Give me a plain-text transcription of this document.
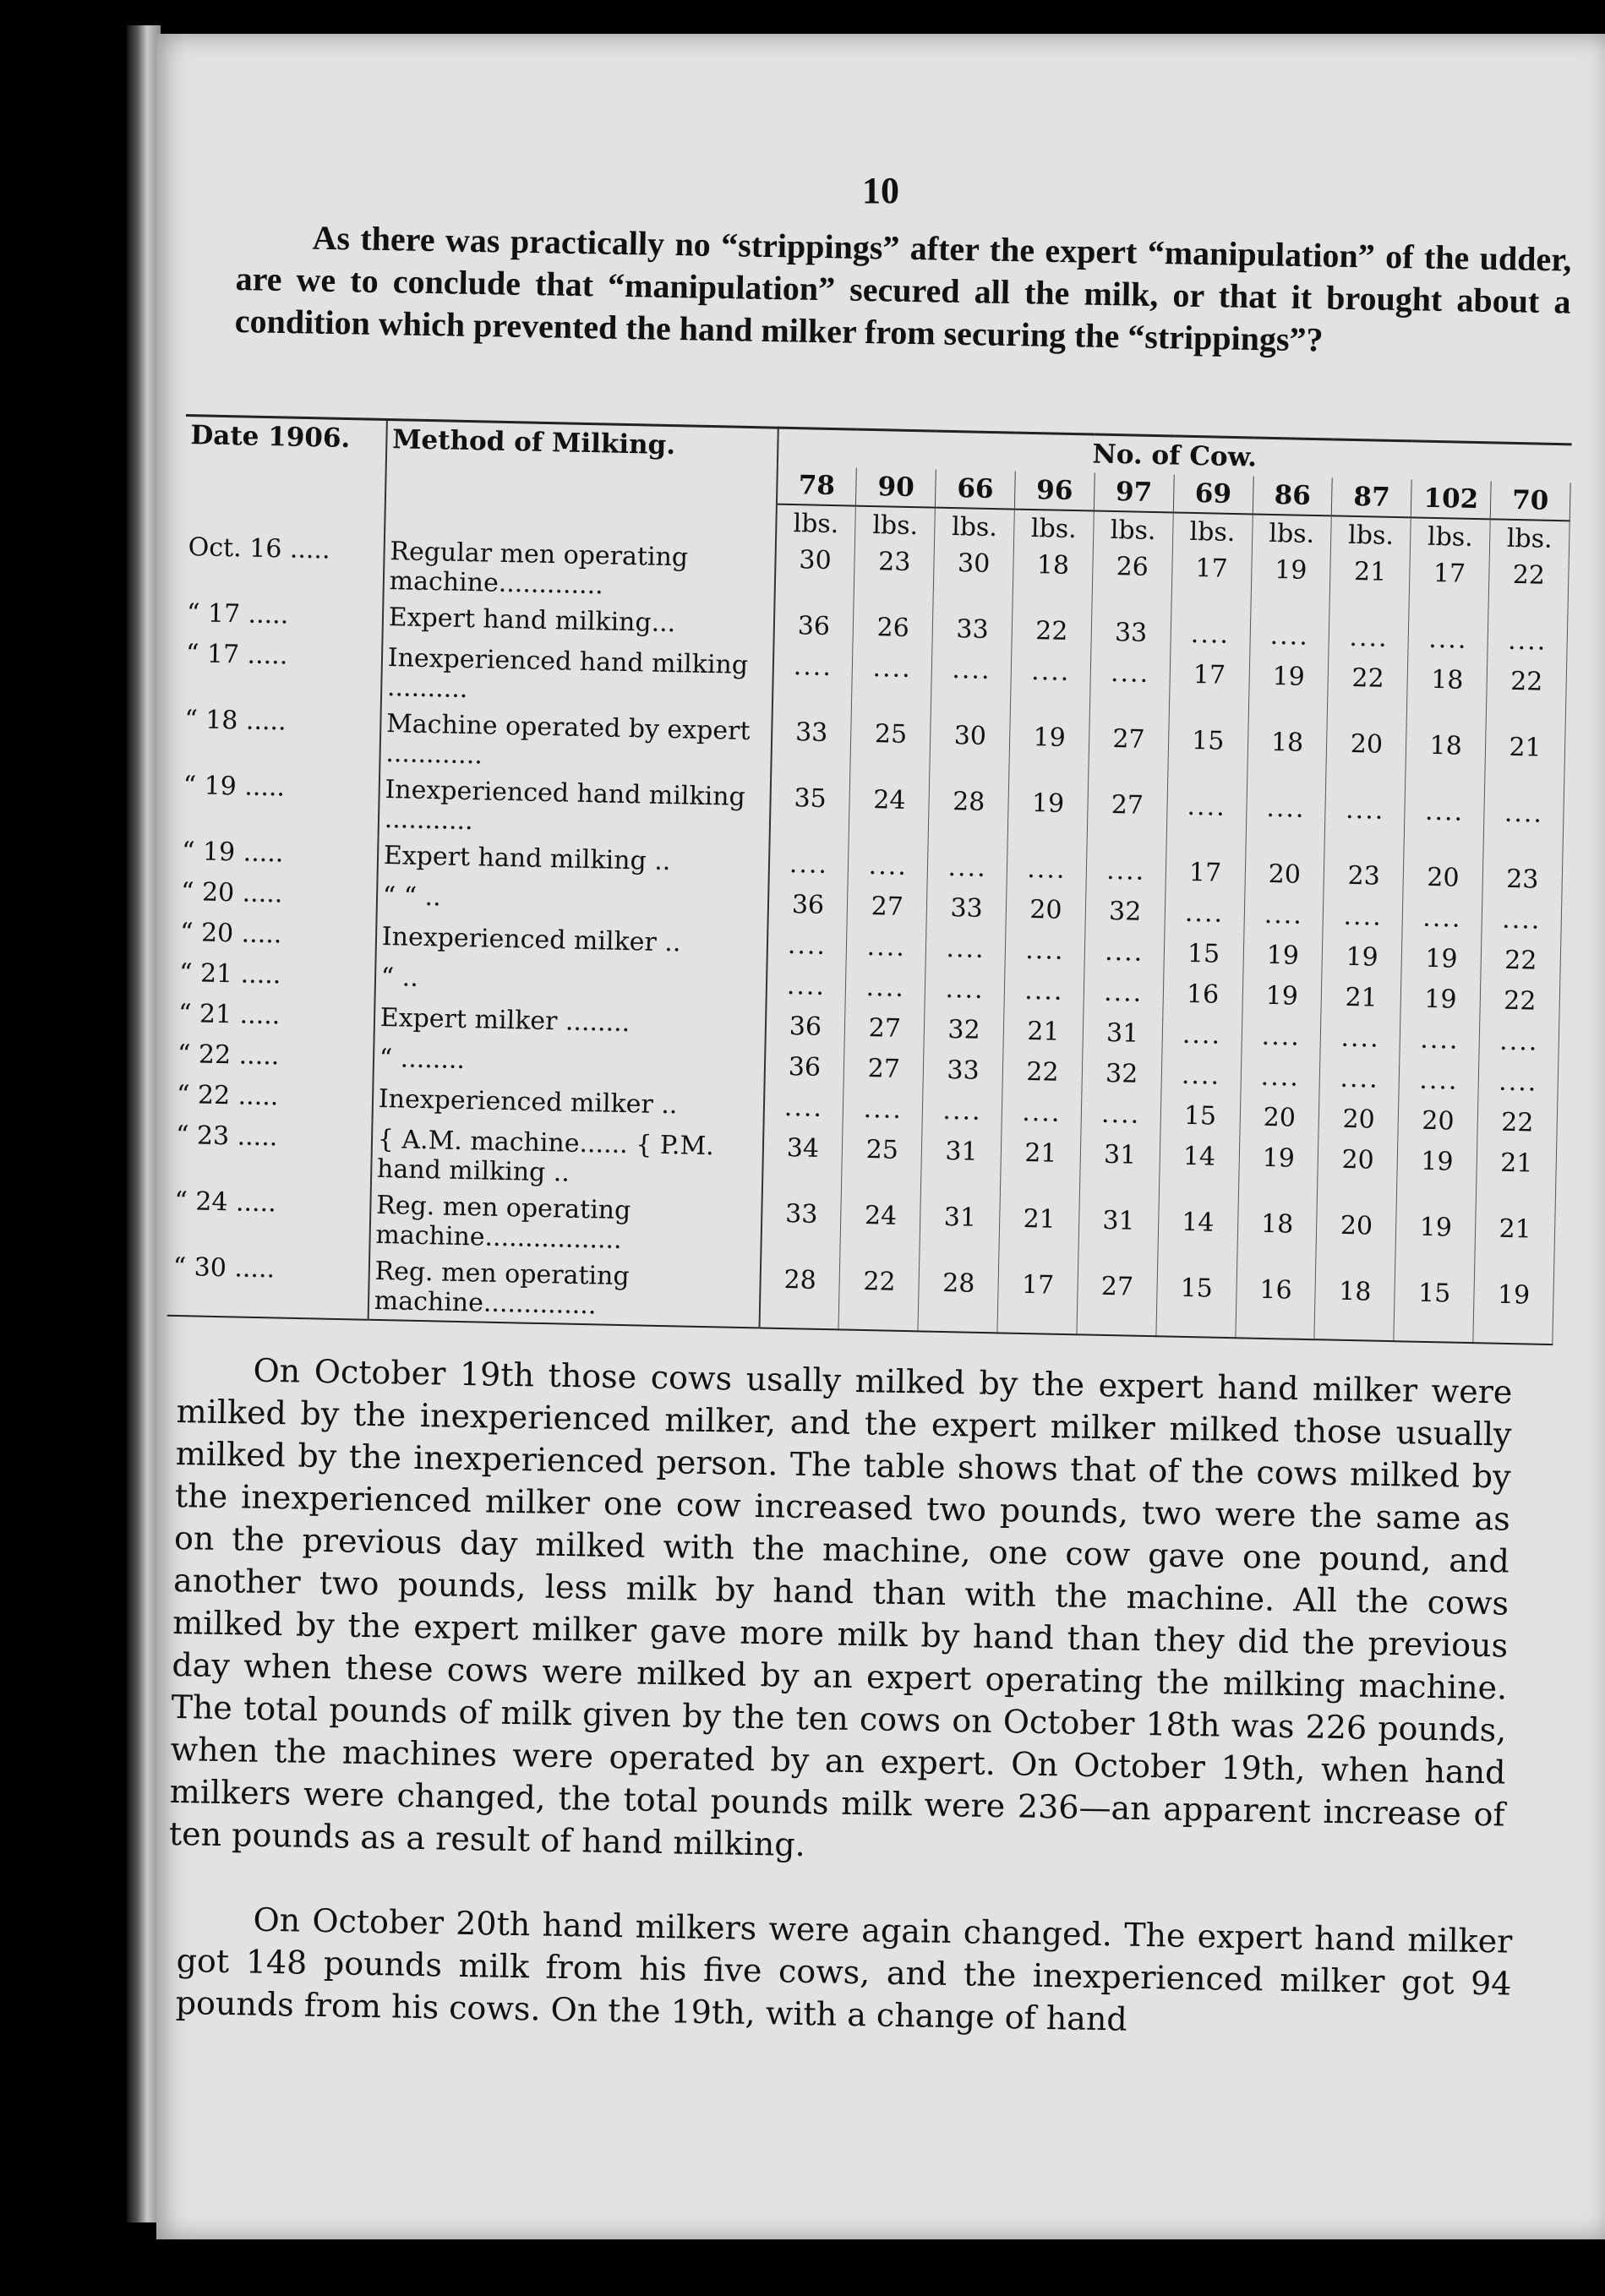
10
As there was practically no “strippings” after the expert “manipulation” of the udder, are we to conclude that “manipulation” secured all the milk, or that it brought about a condition which prevented the hand milker from securing the “strippings”?
Date 1906.	Method of Milking.	No. of Cow.									
		78	90	66	96	97	69	86	87	102	70
		lbs.	lbs.	lbs.	lbs.	lbs.	lbs.	lbs.	lbs.	lbs.	lbs.
Oct. 16 .....	Regular men operating machine.............	30	23	30	18	26	17	19	21	17	22
“ 17 .....	Expert hand milking...	36	26	33	22	33	....	....	....	....	....
“ 17 .....	Inexperienced hand milking ..........	....	....	....	....	....	17	19	22	18	22
“ 18 .....	Machine operated by expert ............	33	25	30	19	27	15	18	20	18	21
“ 19 .....	Inexperienced hand milking ...........	35	24	28	19	27	....	....	....	....	....
“ 19 .....	Expert hand milking ..	....	....	....	....	....	17	20	23	20	23
“ 20 .....	“ “ ..	36	27	33	20	32	....	....	....	....	....
“ 20 .....	Inexperienced milker ..	....	....	....	....	....	15	19	19	19	22
“ 21 .....	“ ..	....	....	....	....	....	16	19	21	19	22
“ 21 .....	Expert milker ........	36	27	32	21	31	....	....	....	....	....
“ 22 .....	“ ........	36	27	33	22	32	....	....	....	....	....
“ 22 .....	Inexperienced milker ..	....	....	....	....	....	15	20	20	20	22
“ 23 .....	{ A.M. machine...... { P.M. hand milking ..	34	25	31	21	31	14	19	20	19	21
“ 24 .....	Reg. men operating machine.................	33	24	31	21	31	14	18	20	19	21
“ 30 .....	Reg. men operating machine..............	28	22	28	17	27	15	16	18	15	19

On October 19th those cows usally milked by the expert hand milker were milked by the inexperienced milker, and the expert milker milked those usually milked by the inexperienced person. The table shows that of the cows milked by the inexperienced milker one cow increased two pounds, two were the same as on the previous day milked with the machine, one cow gave one pound, and another two pounds, less milk by hand than with the machine. All the cows milked by the expert milker gave more milk by hand than they did the previous day when these cows were milked by an expert operating the milking machine. The total pounds of milk given by the ten cows on October 18th was 226 pounds, when the machines were operated by an expert. On October 19th, when hand milkers were changed, the total pounds milk were 236—an apparent increase of ten pounds as a result of hand milking.
On October 20th hand milkers were again changed. The expert hand milker got 148 pounds milk from his five cows, and the inexperienced milker got 94 pounds from his cows. On the 19th, with a change of hand
